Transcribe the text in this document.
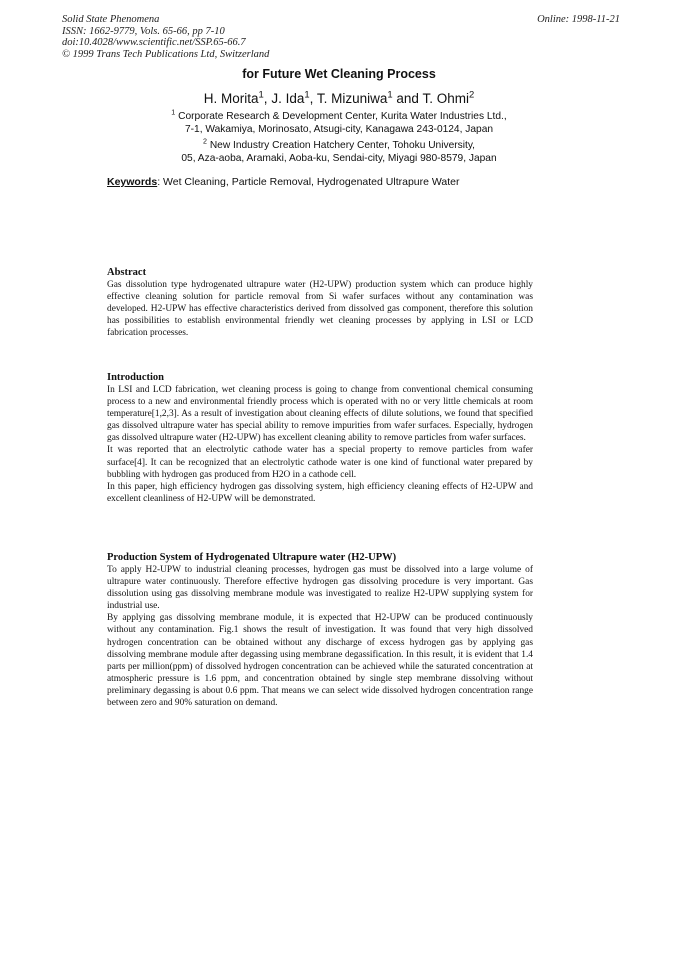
Solid State Phenomena
ISSN: 1662-9779, Vols. 65-66, pp 7-10
doi:10.4028/www.scientific.net/SSP.65-66.7
© 1999 Trans Tech Publications Ltd, Switzerland
Online: 1998-11-21
for Future Wet Cleaning Process
H. Morita$^1$, J. Ida$^1$, T. Mizuniwa$^1$ and T. Ohmi$^2$
$^1$ Corporate Research & Development Center, Kurita Water Industries Ltd.,
7-1, Wakamiya, Morinosato, Atsugi-city, Kanagawa 243-0124, Japan
$^2$ New Industry Creation Hatchery Center, Tohoku University,
05, Aza-aoba, Aramaki, Aoba-ku, Sendai-city, Miyagi 980-8579, Japan
Keywords: Wet Cleaning, Particle Removal, Hydrogenated Ultrapure Water
Abstract

Gas dissolution type hydrogenated ultrapure water (H2-UPW) production system which can produce highly effective cleaning solution for particle removal from Si wafer surfaces without any contamination was developed. H2-UPW has effective characteristics derived from dissolved gas component, therefore this solution has possibilities to establish environmental friendly wet cleaning processes by applying in LSI or LCD fabrication processes.

Introduction

In LSI and LCD fabrication, wet cleaning process is going to change from conventional chemical consuming process to a new and environmental friendly process which is operated with no or very little chemicals at room temperature[1,2,3]. As a result of investigation about cleaning effects of dilute solutions, we found that specified gas dissolved ultrapure water has special ability to remove impurities from wafer surfaces. Especially, hydrogen gas dissolved ultrapure water (H2-UPW) has excellent cleaning ability to remove particles from wafer surfaces.

It was reported that an electrolytic cathode water has a special property to remove particles from wafer surface[4]. It can be recognized that an electrolytic cathode water is one kind of functional water prepared by bubbling with hydrogen gas produced from H2O in a cathode cell.

In this paper, high efficiency hydrogen gas dissolving system, high efficiency cleaning effects of H2-UPW and excellent cleanliness of H2-UPW will be demonstrated.

Production System of Hydrogenated Ultrapure water (H2-UPW)

To apply H2-UPW to industrial cleaning processes, hydrogen gas must be dissolved into a large volume of ultrapure water continuously. Therefore effective hydrogen gas dissolving procedure is very important. Gas dissolution using gas dissolving membrane module was investigated to realize H2-UPW supplying system for industrial use.

By applying gas dissolving membrane module, it is expected that H2-UPW can be produced continuously without any contamination. Fig.1 shows the result of investigation. It was found that very high dissolved hydrogen concentration can be obtained without any discharge of excess hydrogen gas by applying gas dissolving membrane module after degassing using membrane degassification. In this result, it is evident that 1.4 parts per million(ppm) of dissolved hydrogen concentration can be achieved while the saturated concentration at atmospheric pressure is 1.6 ppm, and concentration obtained by single step membrane dissolving without preliminary degassing is about 0.6 ppm. That means we can select wide dissolved hydrogen concentration range between zero and 90% saturation on demand.
